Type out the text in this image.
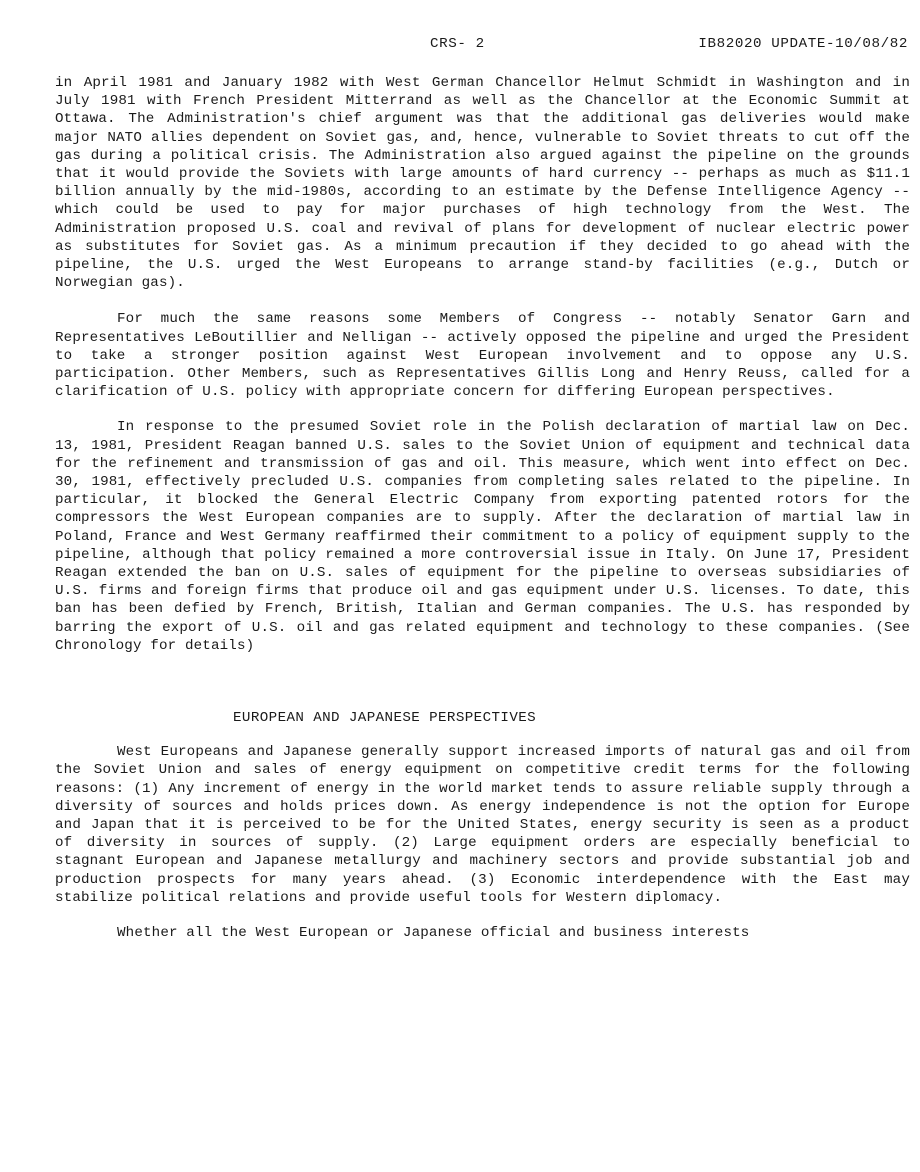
CRS- 2	IB82020 UPDATE-10/08/82

in April 1981 and January 1982 with West German Chancellor Helmut Schmidt in Washington and in July 1981 with French President Mitterrand as well as the Chancellor at the Economic Summit at Ottawa. The Administration's chief argument was that the additional gas deliveries would make major NATO allies dependent on Soviet gas, and, hence, vulnerable to Soviet threats to cut off the gas during a political crisis. The Administration also argued against the pipeline on the grounds that it would provide the Soviets with large amounts of hard currency -- perhaps as much as $11.1 billion annually by the mid-1980s, according to an estimate by the Defense Intelligence Agency -- which could be used to pay for major purchases of high technology from the West. The Administration proposed U.S. coal and revival of plans for development of nuclear electric power as substitutes for Soviet gas. As a minimum precaution if they decided to go ahead with the pipeline, the U.S. urged the West Europeans to arrange stand-by facilities (e.g., Dutch or Norwegian gas).

For much the same reasons some Members of Congress -- notably Senator Garn and Representatives LeBoutillier and Nelligan -- actively opposed the pipeline and urged the President to take a stronger position against West European involvement and to oppose any U.S. participation. Other Members, such as Representatives Gillis Long and Henry Reuss, called for a clarification of U.S. policy with appropriate concern for differing European perspectives.

In response to the presumed Soviet role in the Polish declaration of martial law on Dec. 13, 1981, President Reagan banned U.S. sales to the Soviet Union of equipment and technical data for the refinement and transmission of gas and oil. This measure, which went into effect on Dec. 30, 1981, effectively precluded U.S. companies from completing sales related to the pipeline. In particular, it blocked the General Electric Company from exporting patented rotors for the compressors the West European companies are to supply. After the declaration of martial law in Poland, France and West Germany reaffirmed their commitment to a policy of equipment supply to the pipeline, although that policy remained a more controversial issue in Italy. On June 17, President Reagan extended the ban on U.S. sales of equipment for the pipeline to overseas subsidiaries of U.S. firms and foreign firms that produce oil and gas equipment under U.S. licenses. To date, this ban has been defied by French, British, Italian and German companies. The U.S. has responded by barring the export of U.S. oil and gas related equipment and technology to these companies. (See Chronology for details)

EUROPEAN AND JAPANESE PERSPECTIVES

West Europeans and Japanese generally support increased imports of natural gas and oil from the Soviet Union and sales of energy equipment on competitive credit terms for the following reasons: (1) Any increment of energy in the world market tends to assure reliable supply through a diversity of sources and holds prices down. As energy independence is not the option for Europe and Japan that it is perceived to be for the United States, energy security is seen as a product of diversity in sources of supply. (2) Large equipment orders are especially beneficial to stagnant European and Japanese metallurgy and machinery sectors and provide substantial job and production prospects for many years ahead. (3) Economic interdependence with the East may stabilize political relations and provide useful tools for Western diplomacy.

Whether all the West European or Japanese official and business interests
